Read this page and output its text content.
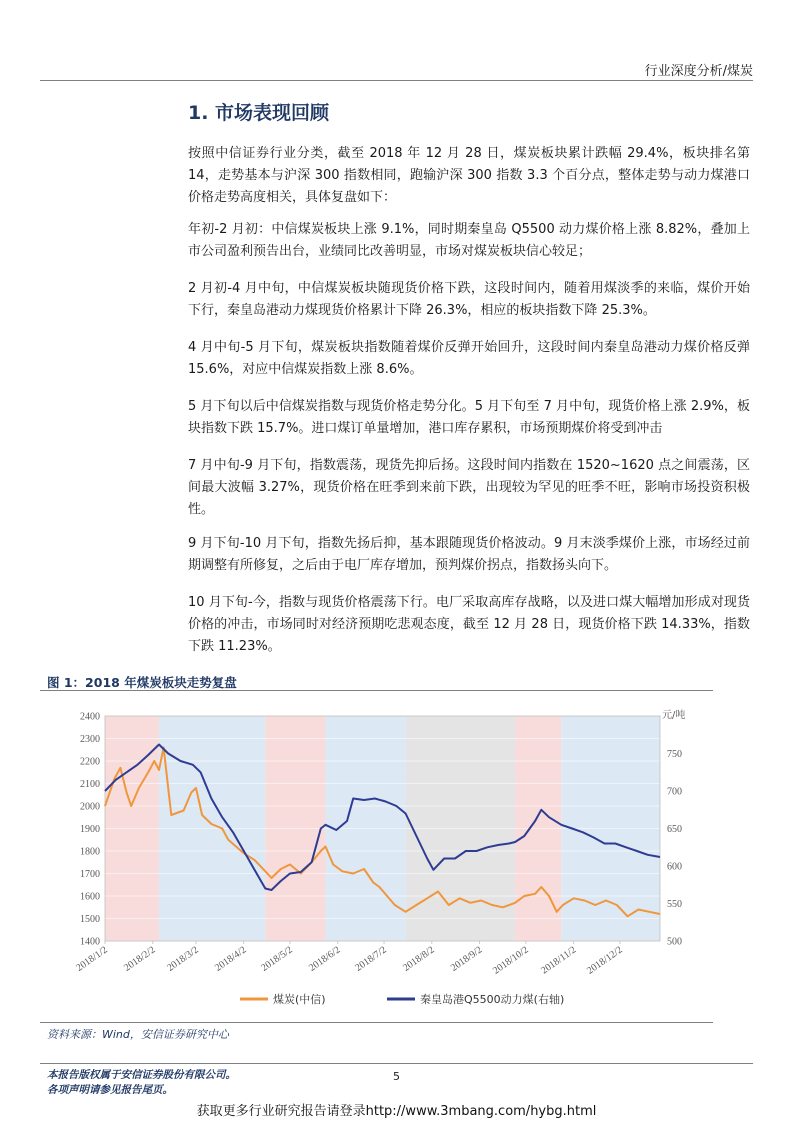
行业深度分析/煤炭
1. 市场表现回顾
按照中信证券行业分类，截至 2018 年 12 月 28 日，煤炭板块累计跌幅 29.4%，板块排名第 14，走势基本与沪深 300 指数相同，跑输沪深 300 指数 3.3 个百分点，整体走势与动力煤港口价格走势高度相关，具体复盘如下：
年初-2 月初：中信煤炭板块上涨 9.1%，同时期秦皇岛 Q5500 动力煤价格上涨 8.82%，叠加上市公司盈利预告出台，业绩同比改善明显，市场对煤炭板块信心较足；
2 月初-4 月中旬，中信煤炭板块随现货价格下跌，这段时间内，随着用煤淡季的来临，煤价开始下行，秦皇岛港动力煤现货价格累计下降 26.3%，相应的板块指数下降 25.3%。
4 月中旬-5 月下旬，煤炭板块指数随着煤价反弹开始回升，这段时间内秦皇岛港动力煤价格反弹 15.6%，对应中信煤炭指数上涨 8.6%。
5 月下旬以后中信煤炭指数与现货价格走势分化。5 月下旬至 7 月中旬，现货价格上涨 2.9%，板块指数下跌 15.7%。进口煤订单量增加，港口库存累积，市场预期煤价将受到冲击
7 月中旬-9 月下旬，指数震荡，现货先抑后扬。这段时间内指数在 1520~1620 点之间震荡，区间最大波幅 3.27%，现货价格在旺季到来前下跌，出现较为罕见的旺季不旺，影响市场投资积极性。
9 月下旬-10 月下旬，指数先扬后抑，基本跟随现货价格波动。9 月末淡季煤价上涨，市场经过前期调整有所修复，之后由于电厂库存增加，预判煤价拐点，指数扬头向下。
10 月下旬-今，指数与现货价格震荡下行。电厂采取高库存战略，以及进口煤大幅增加形成对现货价格的冲击，市场同时对经济预期吃悲观态度，截至 12 月 28 日，现货价格下跌 14.33%，指数下跌 11.23%。
图 1：2018 年煤炭板块走势复盘
1400
1500
1600
1700
1800
1900
2000
2100
2200
2300
2400
500
550
600
650
700
750
元/吨
2018/1/2 2018/2/2 2018/3/2 2018/4/2 2018/5/2 2018/6/2 2018/7/2 2018/8/2 2018/9/2 2018/10/2 2018/11/2 2018/12/2
煤炭(中信)	秦皇岛港Q5500动力煤(右轴)
资料来源：Wind，安信证券研究中心
本报告版权属于安信证券股份有限公司。
各项声明请参见报告尾页。
5
获取更多行业研究报告请登录http://www.3mbang.com/hybg.html
